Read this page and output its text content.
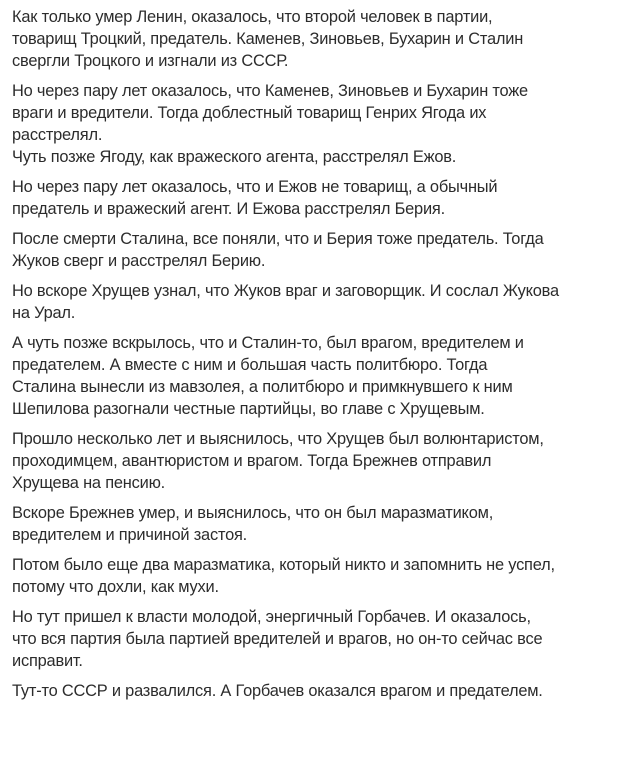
Как только умер Ленин, оказалось, что второй человек в партии,
товарищ Троцкий, предатель. Каменев, Зиновьев, Бухарин и Сталин
свергли Троцкого и изгнали из СССР.

Но через пару лет оказалось, что Каменев, Зиновьев и Бухарин тоже
враги и вредители. Тогда доблестный товарищ Генрих Ягода их
расстрелял.

Чуть позже Ягоду, как вражеского агента, расстрелял Ежов.

Но через пару лет оказалось, что и Ежов не товарищ, а обычный
предатель и вражеский агент. И Ежова расстрелял Берия.

После смерти Сталина, все поняли, что и Берия тоже предатель. Тогда
Жуков сверг и расстрелял Берию.

Но вскоре Хрущев узнал, что Жуков враг и заговорщик. И сослал Жукова
на Урал.

А чуть позже вскрылось, что и Сталин-то, был врагом, вредителем и
предателем. А вместе с ним и большая часть политбюро. Тогда
Сталина вынесли из мавзолея, а политбюро и примкнувшего к ним
Шепилова разогнали честные партийцы, во главе с Хрущевым.

Прошло несколько лет и выяснилось, что Хрущев был волюнтаристом,
проходимцем, авантюристом и врагом. Тогда Брежнев отправил
Хрущева на пенсию.

Вскоре Брежнев умер, и выяснилось, что он был маразматиком,
вредителем и причиной застоя.

Потом было еще два маразматика, который никто и запомнить не успел,
потому что дохли, как мухи.

Но тут пришел к власти молодой, энергичный Горбачев. И оказалось,
что вся партия была партией вредителей и врагов, но он-то сейчас все
исправит.

Тут-то СССР и развалился. А Горбачев оказался врагом и предателем.
